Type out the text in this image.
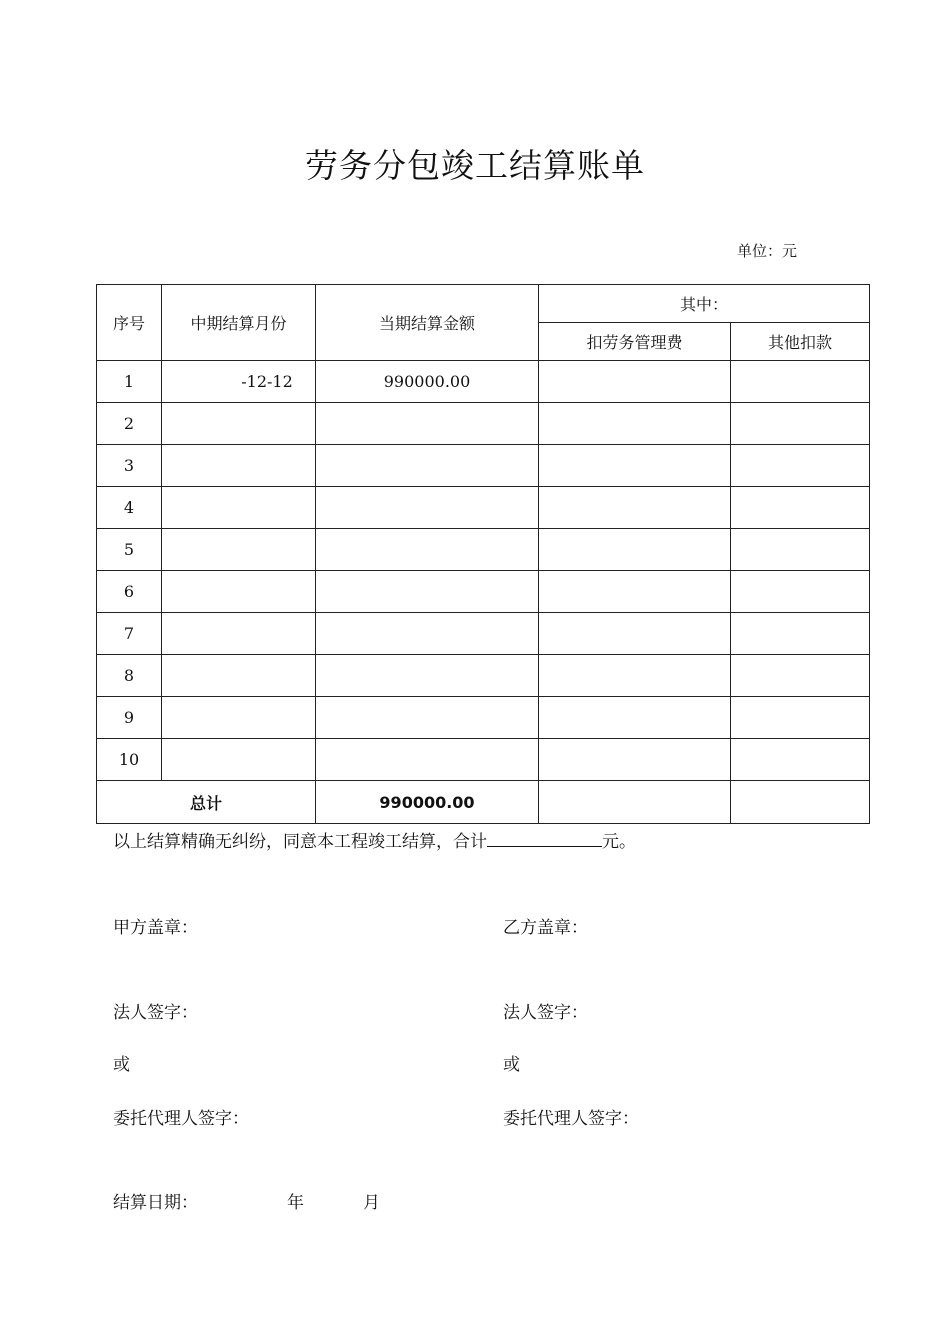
劳务分包竣工结算账单
单位：元
序号	中期结算月份	当期结算金额	其中：	
			扣劳务管理费	其他扣款
1	-12-12	990000.00		
2				
3				
4				
5				
6				
7				
8				
9				
10				
总计		990000.00		
以上结算精确无纠纷，同意本工程竣工结算，合计	元。
甲方盖章：	乙方盖章：
法人签字：	法人签字：
或	或
委托代理人签字：	委托代理人签字：
结算日期：	年	月
